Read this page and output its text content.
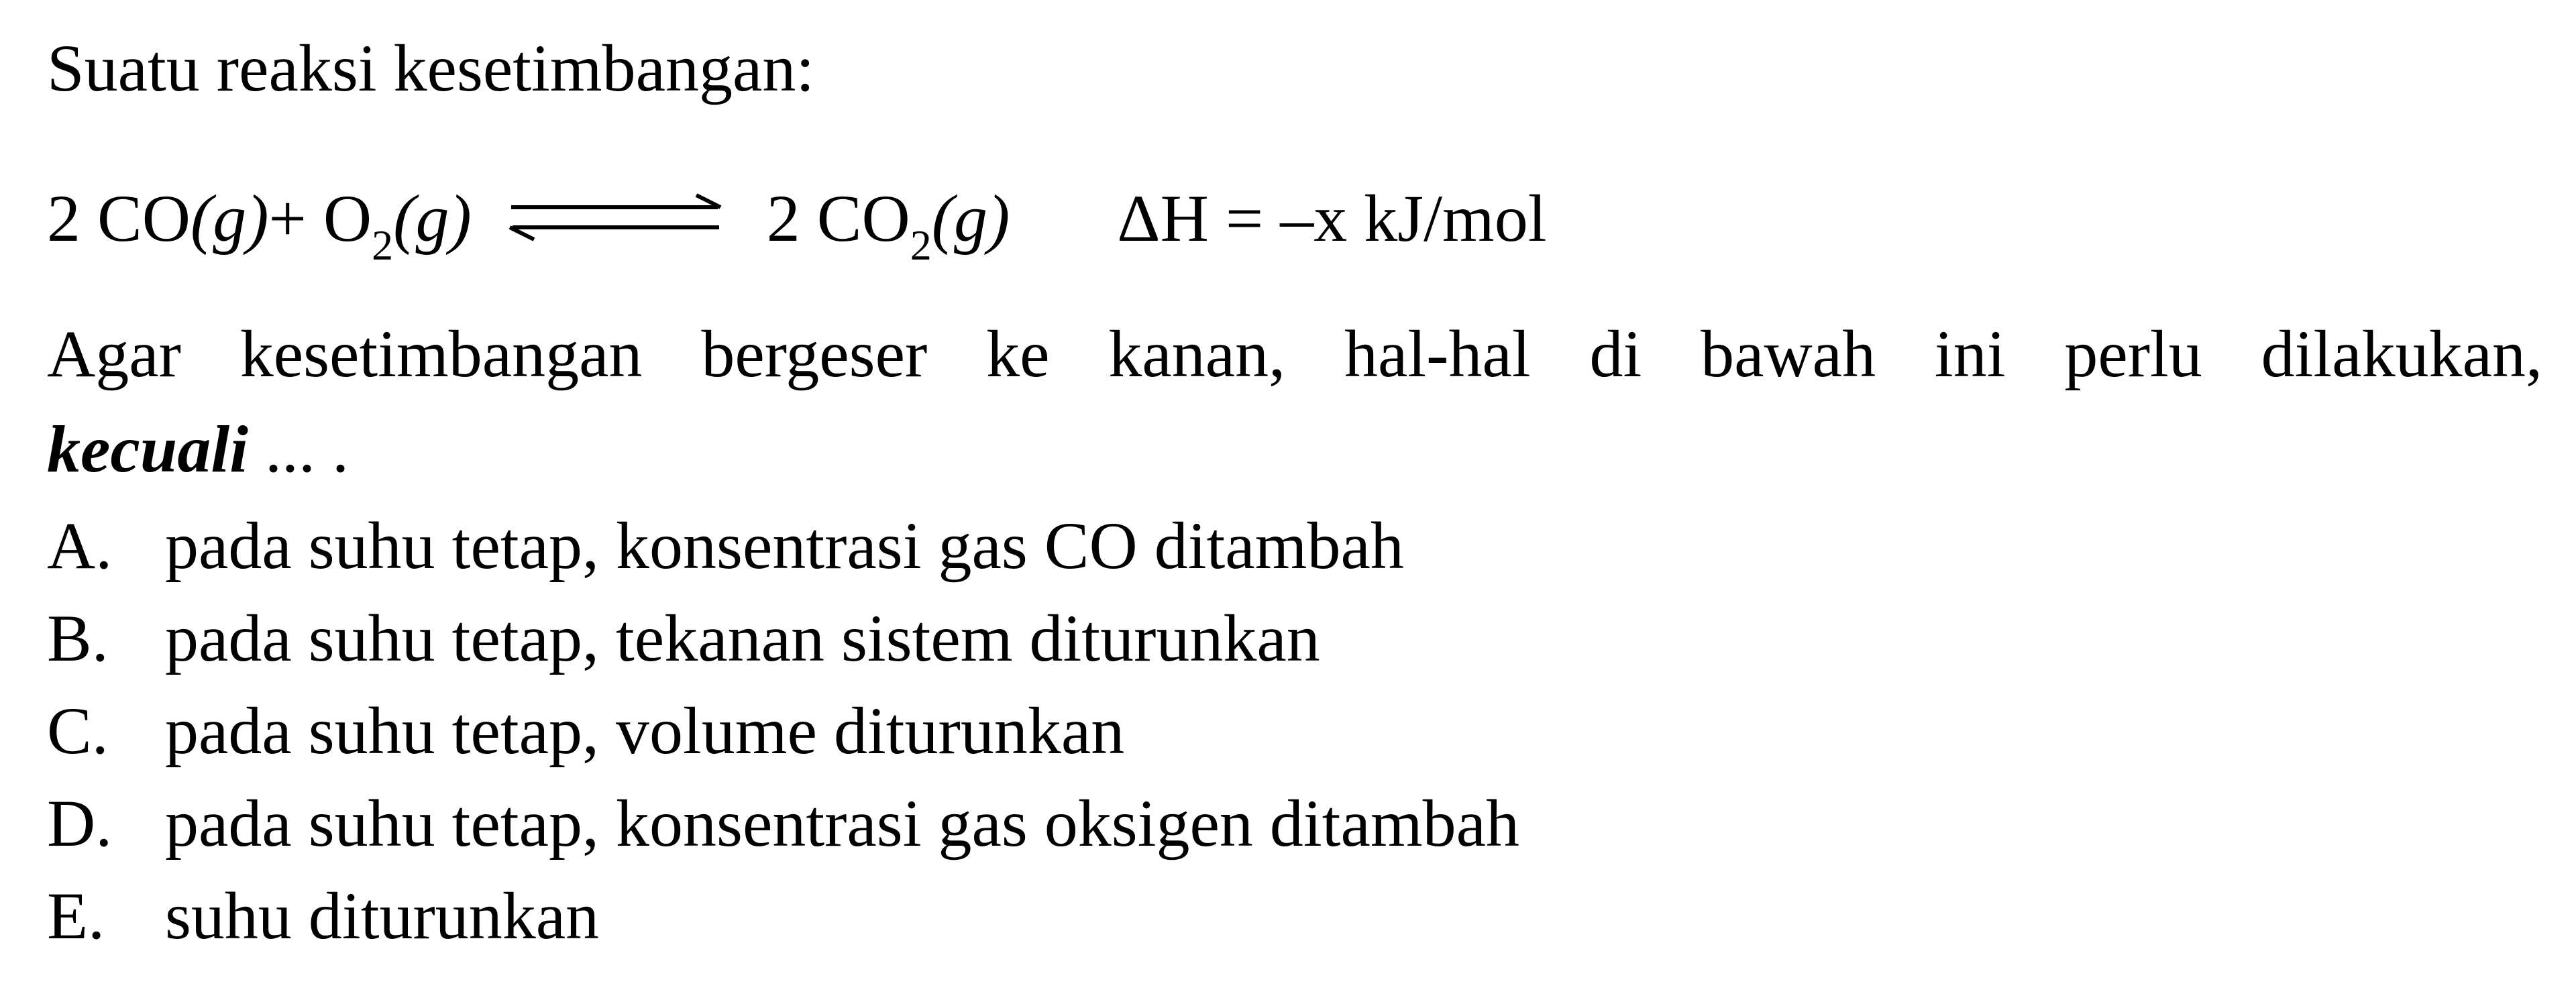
Suatu reaksi kesetimbangan:
2 $CO(g)+ O_2(g)$ ⇌ 2 $CO_2(g) \Delta H = -x$ kJ/mol
Agar kesetimbangan bergeser ke kanan, hal-hal di bawah ini perlu dilakukan,
kecuali ... .
A. pada suhu tetap, konsentrasi gas CO ditambah
B. pada suhu tetap, tekanan sistem diturunkan
C. pada suhu tetap, volume diturunkan
D. pada suhu tetap, konsentrasi gas oksigen ditambah
E. suhu diturunkan
